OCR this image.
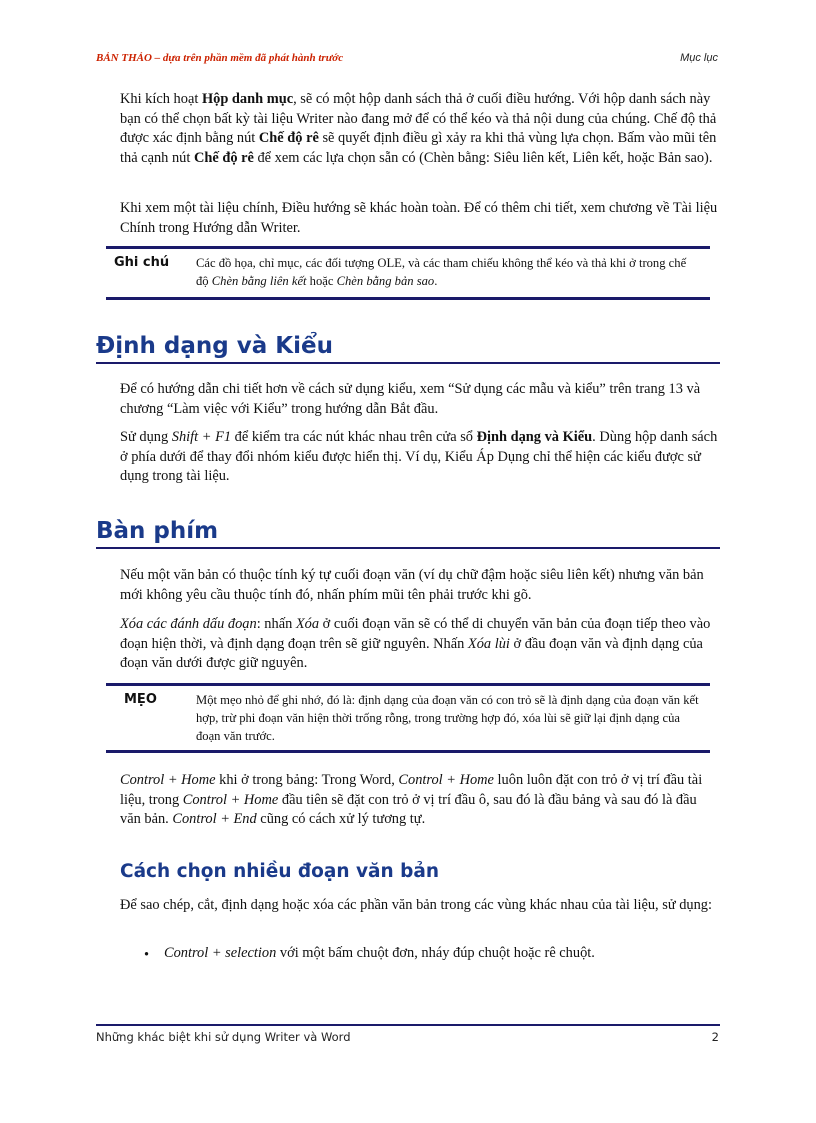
BẢN THẢO – dựa trên phần mềm đã phát hành trước	Mục lục

Khi kích hoạt Hộp danh mục, sẽ có một hộp danh sách thả ở cuối điều hướng. Với hộp danh sách này bạn có thể chọn bất kỳ tài liệu Writer nào đang mở để có thể kéo và thả nội dung của chúng. Chế độ thả được xác định bằng nút Chế độ rê sẽ quyết định điều gì xảy ra khi thả vùng lựa chọn. Bấm vào mũi tên thả cạnh nút Chế độ rê để xem các lựa chọn sẵn có (Chèn bằng: Siêu liên kết, Liên kết, hoặc Bản sao).

Khi xem một tài liệu chính, Điều hướng sẽ khác hoàn toàn. Để có thêm chi tiết, xem chương về Tài liệu Chính trong Hướng dẫn Writer.

Ghi chú Các đồ họa, chỉ mục, các đối tượng OLE, và các tham chiếu không thể kéo và thả khi ở trong chế độ Chèn bằng liên kết hoặc Chèn bằng bản sao.

Định dạng và Kiểu

Để có hướng dẫn chi tiết hơn về cách sử dụng kiểu, xem “Sử dụng các mẫu và kiểu” trên trang 13 và chương “Làm việc với Kiểu” trong hướng dẫn Bắt đầu.

Sử dụng Shift + F1 để kiểm tra các nút khác nhau trên cửa sổ Định dạng và Kiểu. Dùng hộp danh sách ở phía dưới để thay đổi nhóm kiểu được hiển thị. Ví dụ, Kiểu Áp Dụng chỉ thể hiện các kiểu được sử dụng trong tài liệu.

Bàn phím

Nếu một văn bản có thuộc tính ký tự cuối đoạn văn (ví dụ chữ đậm hoặc siêu liên kết) nhưng văn bản mới không yêu cầu thuộc tính đó, nhấn phím mũi tên phải trước khi gõ.

Xóa các đánh dấu đoạn: nhấn Xóa ở cuối đoạn văn sẽ có thể di chuyển văn bản của đoạn tiếp theo vào đoạn hiện thời, và định dạng đoạn trên sẽ giữ nguyên. Nhấn Xóa lùi ở đầu đoạn văn và định dạng của đoạn văn dưới được giữ nguyên.

MẸO	Một mẹo nhỏ để ghi nhớ, đó là: định dạng của đoạn văn có con trỏ sẽ là định dạng của đoạn văn kết hợp, trừ phi đoạn văn hiện thời trống rỗng, trong trường hợp đó, xóa lùi sẽ giữ lại định dạng của đoạn văn trước.

Control + Home khi ở trong bảng: Trong Word, Control + Home luôn luôn đặt con trỏ ở vị trí đầu tài liệu, trong Control + Home đầu tiên sẽ đặt con trỏ ở vị trí đầu ô, sau đó là đầu bảng và sau đó là đầu văn bản. Control + End cũng có cách xử lý tương tự.

Cách chọn nhiều đoạn văn bản

Để sao chép, cắt, định dạng hoặc xóa các phần văn bản trong các vùng khác nhau của tài liệu, sử dụng:

• Control + selection với một bấm chuột đơn, nháy đúp chuột hoặc rê chuột.

Những khác biệt khi sử dụng Writer và Word	2
